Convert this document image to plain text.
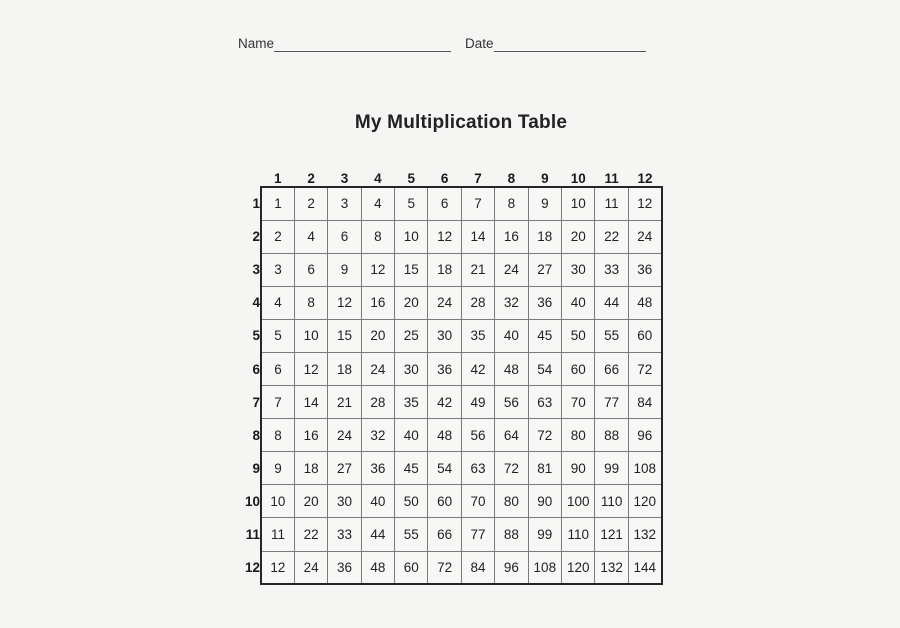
Name	Date
My Multiplication Table
	1	2	3	4	5	6	7	8	9	10	11	12
1	1	2	3	4	5	6	7	8	9	10	11	12
2	2	4	6	8	10	12	14	16	18	20	22	24
3	3	6	9	12	15	18	21	24	27	30	33	36
4	4	8	12	16	20	24	28	32	36	40	44	48
5	5	10	15	20	25	30	35	40	45	50	55	60
6	6	12	18	24	30	36	42	48	54	60	66	72
7	7	14	21	28	35	42	49	56	63	70	77	84
8	8	16	24	32	40	48	56	64	72	80	88	96
9	9	18	27	36	45	54	63	72	81	90	99	108
10	10	20	30	40	50	60	70	80	90	100	110	120
11	11	22	33	44	55	66	77	88	99	110	121	132
12	12	24	36	48	60	72	84	96	108	120	132	144
